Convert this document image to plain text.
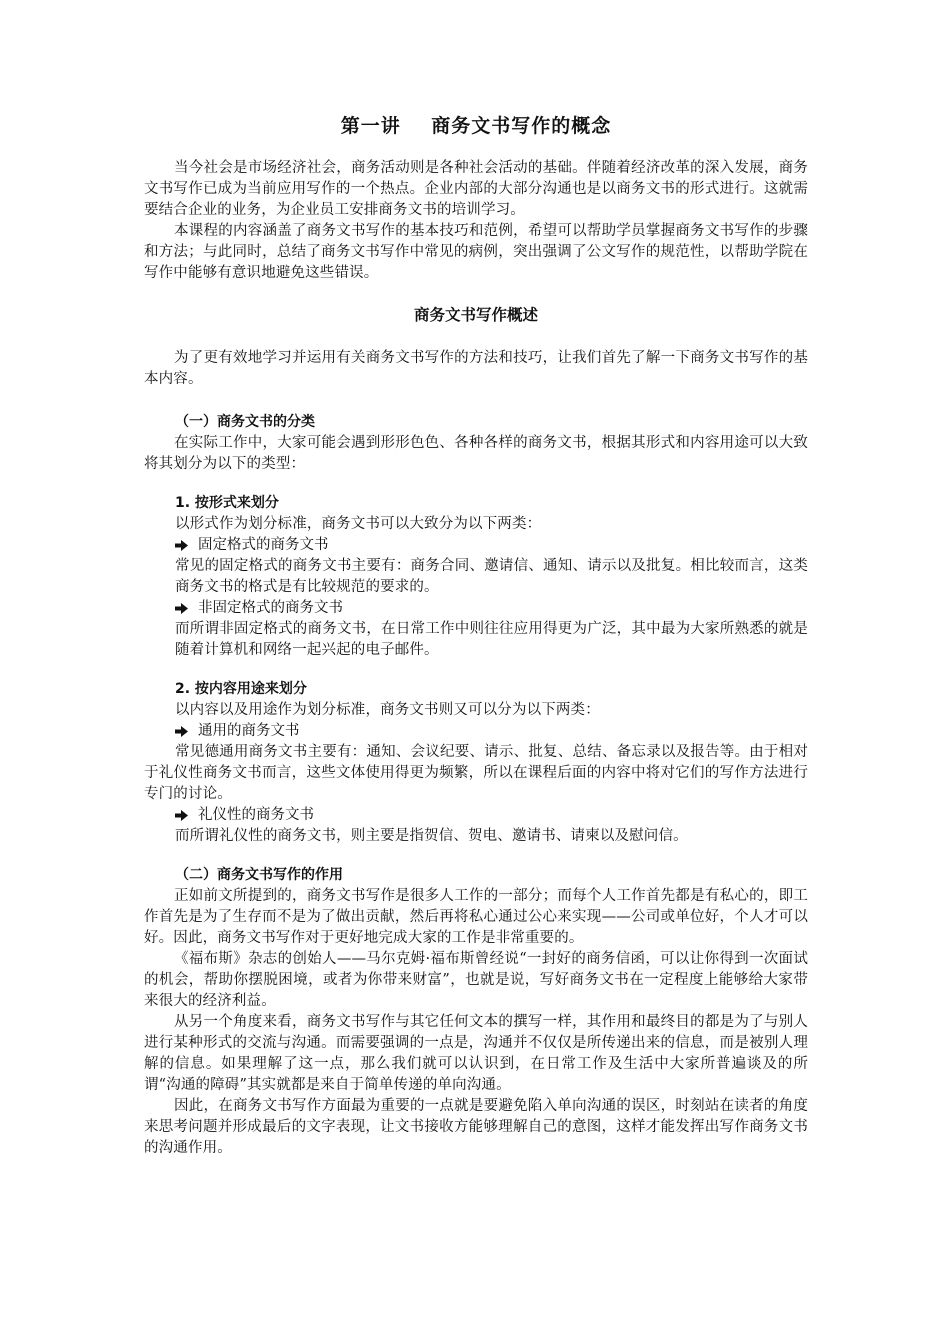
第一讲    商务文书写作的概念

当今社会是市场经济社会，商务活动则是各种社会活动的基础。伴随着经济改革的深入发展，商务文书写作已成为当前应用写作的一个热点。企业内部的大部分沟通也是以商务文书的形式进行。这就需要结合企业的业务，为企业员工安排商务文书的培训学习。

本课程的内容涵盖了商务文书写作的基本技巧和范例，希望可以帮助学员掌握商务文书写作的步骤和方法；与此同时，总结了商务文书写作中常见的病例，突出强调了公文写作的规范性，以帮助学院在写作中能够有意识地避免这些错误。

商务文书写作概述

为了更有效地学习并运用有关商务文书写作的方法和技巧，让我们首先了解一下商务文书写作的基本内容。

（一）商务文书的分类

在实际工作中，大家可能会遇到形形色色、各种各样的商务文书，根据其形式和内容用途可以大致将其划分为以下的类型：

1. 按形式来划分

以形式作为划分标准，商务文书可以大致分为以下两类：

固定格式的商务文书

常见的固定格式的商务文书主要有：商务合同、邀请信、通知、请示以及批复。相比较而言，这类商务文书的格式是有比较规范的要求的。

非固定格式的商务文书

而所谓非固定格式的商务文书，在日常工作中则往往应用得更为广泛，其中最为大家所熟悉的就是随着计算机和网络一起兴起的电子邮件。

2. 按内容用途来划分

以内容以及用途作为划分标准，商务文书则又可以分为以下两类：

通用的商务文书

常见德通用商务文书主要有：通知、会议纪要、请示、批复、总结、备忘录以及报告等。由于相对于礼仪性商务文书而言，这些文体使用得更为频繁，所以在课程后面的内容中将对它们的写作方法进行专门的讨论。

礼仪性的商务文书

而所谓礼仪性的商务文书，则主要是指贺信、贺电、邀请书、请柬以及慰问信。

（二）商务文书写作的作用

正如前文所提到的，商务文书写作是很多人工作的一部分；而每个人工作首先都是有私心的，即工作首先是为了生存而不是为了做出贡献，然后再将私心通过公心来实现——公司或单位好，个人才可以好。因此，商务文书写作对于更好地完成大家的工作是非常重要的。

《福布斯》杂志的创始人——马尔克姆·福布斯曾经说“一封好的商务信函，可以让你得到一次面试的机会，帮助你摆脱困境，或者为你带来财富”，也就是说，写好商务文书在一定程度上能够给大家带来很大的经济利益。

从另一个角度来看，商务文书写作与其它任何文本的撰写一样，其作用和最终目的都是为了与别人进行某种形式的交流与沟通。而需要强调的一点是，沟通并不仅仅是所传递出来的信息，而是被别人理解的信息。如果理解了这一点，那么我们就可以认识到，在日常工作及生活中大家所普遍谈及的所谓“沟通的障碍”其实就都是来自于简单传递的单向沟通。

因此，在商务文书写作方面最为重要的一点就是要避免陷入单向沟通的误区，时刻站在读者的角度来思考问题并形成最后的文字表现，让文书接收方能够理解自己的意图，这样才能发挥出写作商务文书的沟通作用。
